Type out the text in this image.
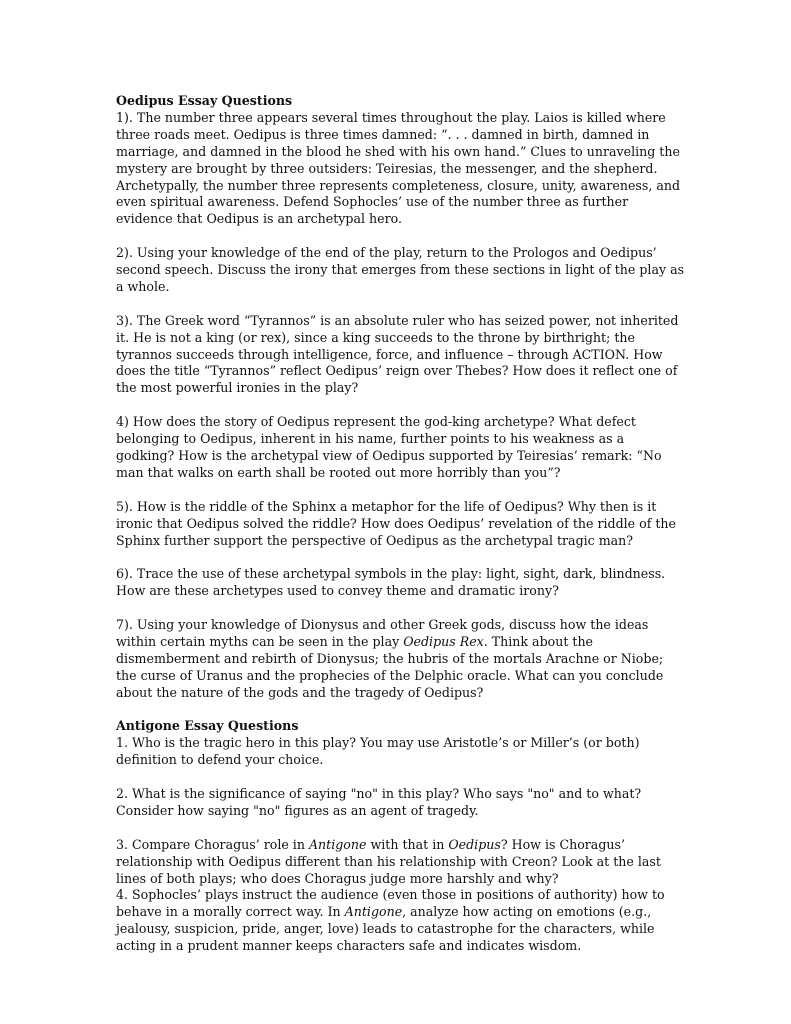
Oedipus Essay Questions

1). The number three appears several times throughout the play. Laios is killed where three roads meet. Oedipus is three times damned: “. . . damned in birth, damned in marriage, and damned in the blood he shed with his own hand.” Clues to unraveling the mystery are brought by three outsiders: Teiresias, the messenger, and the shepherd.

Archetypally, the number three represents completeness, closure, unity, awareness, and even spiritual awareness. Defend Sophocles’ use of the number three as further evidence that Oedipus is an archetypal hero.

2). Using your knowledge of the end of the play, return to the Prologos and Oedipus’ second speech. Discuss the irony that emerges from these sections in light of the play as a whole.

3). The Greek word “Tyrannos” is an absolute ruler who has seized power, not inherited it. He is not a king (or rex), since a king succeeds to the throne by birthright; the tyrannos succeeds through intelligence, force, and influence – through ACTION. How does the title “Tyrannos” reflect Oedipus’ reign over Thebes? How does it reflect one of the most powerful ironies in the play?

4) How does the story of Oedipus represent the god-king archetype? What defect belonging to Oedipus, inherent in his name, further points to his weakness as a godking? How is the archetypal view of Oedipus supported by Teiresias’ remark: “No man that walks on earth shall be rooted out more horribly than you”?

5). How is the riddle of the Sphinx a metaphor for the life of Oedipus? Why then is it ironic that Oedipus solved the riddle? How does Oedipus’ revelation of the riddle of the Sphinx further support the perspective of Oedipus as the archetypal tragic man?

6). Trace the use of these archetypal symbols in the play: light, sight, dark, blindness. How are these archetypes used to convey theme and dramatic irony?

7). Using your knowledge of Dionysus and other Greek gods, discuss how the ideas within certain myths can be seen in the play Oedipus Rex. Think about the dismemberment and rebirth of Dionysus; the hubris of the mortals Arachne or Niobe; the curse of Uranus and the prophecies of the Delphic oracle. What can you conclude about the nature of the gods and the tragedy of Oedipus?

Antigone Essay Questions

1. Who is the tragic hero in this play? You may use Aristotle’s or Miller’s (or both) definition to defend your choice.

2. What is the significance of saying "no" in this play? Who says "no" and to what? Consider how saying "no" figures as an agent of tragedy.

3. Compare Choragus’ role in Antigone with that in Oedipus? How is Choragus’ relationship with Oedipus different than his relationship with Creon? Look at the last lines of both plays; who does Choragus judge more harshly and why?

4. Sophocles’ plays instruct the audience (even those in positions of authority) how to behave in a morally correct way. In Antigone, analyze how acting on emotions (e.g., jealousy, suspicion, pride, anger, love) leads to catastrophe for the characters, while acting in a prudent manner keeps characters safe and indicates wisdom.
